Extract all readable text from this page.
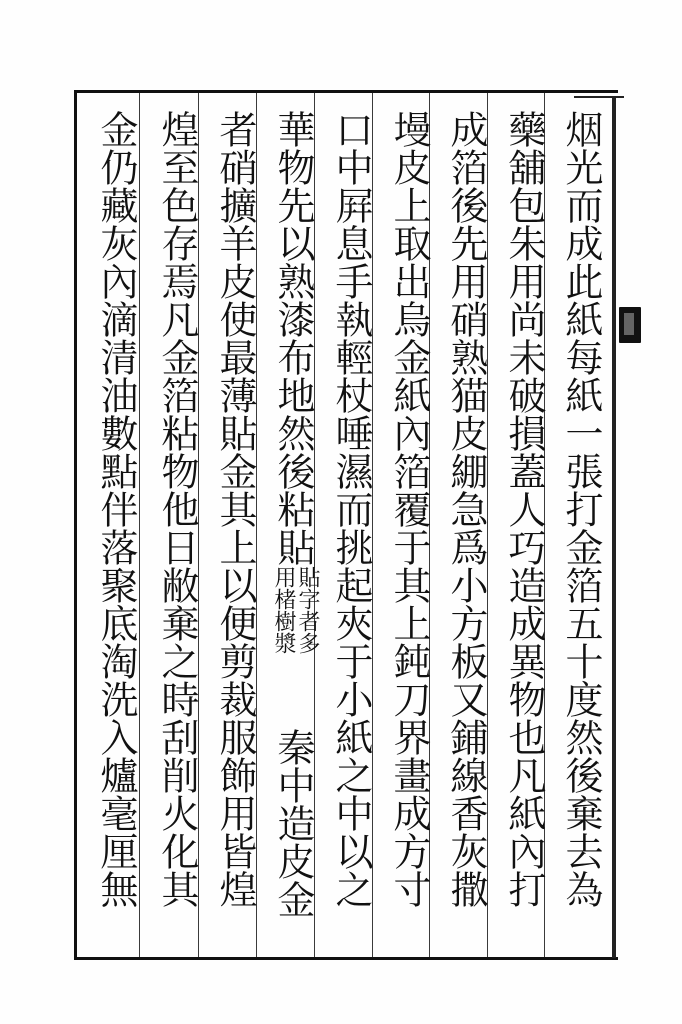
烟光而成此紙每紙一張打金箔五十度然後棄去為
藥舖包朱用尚未破損蓋人巧造成異物也凡紙內打
成箔後先用硝熟猫皮綳急爲小方板又鋪線香灰撒
墁皮上取出烏金紙內箔覆于其上鈍刀界畫成方寸
口中屛息手執輕杖唾濕而挑起夾于小紙之中以之
華物先以熟漆布地然後粘貼
貼字者多
用楮樹漿
秦中造皮金
者硝擴羊皮使最薄貼金其上以便剪裁服飾用皆煌
煌至色存焉凡金箔粘物他日敝棄之時刮削火化其
金仍藏灰內滴清油數點伴落聚底淘洗入爐毫厘無
